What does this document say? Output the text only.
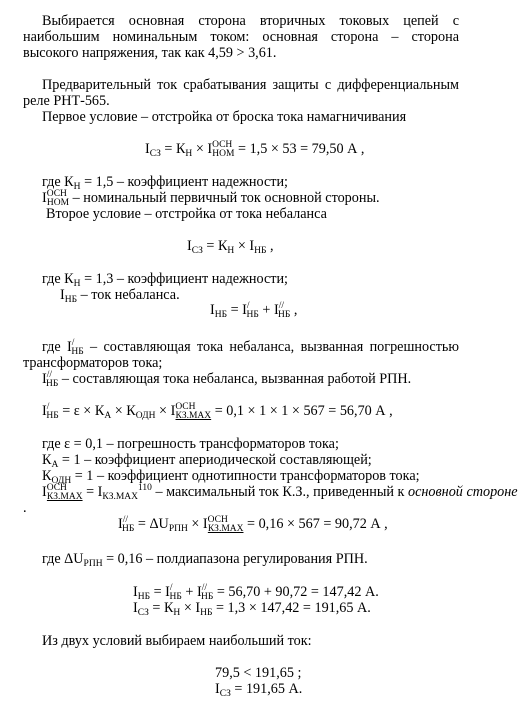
Выбирается основная сторона вторичных токовых цепей с наибольшим номинальным током: основная сторона – сторона высокого напряжения, так как 4,59 > 3,61.
Предварительный ток срабатывания защиты с дифференциальным реле РНТ-565.
Первое условие – отстройка от броска тока намагничивания
$I_{СЗ} = К_Н \times I^{ОСН}_{НОМ} = 1,5 \times 53 = 79,50$ А ,
где $К_Н = 1,5$ – коэффициент надежности;
$I^{ОСН}_{НОМ}$ – номинальный первичный ток основной стороны.
Второе условие – отстройка от тока небаланса
$I_{СЗ} = К_Н \times I_{НБ}$ ,
где $К_Н = 1,3$ – коэффициент надежности;
$I_{НБ}$ – ток небаланса.
$I_{НБ} = I^/_{НБ} + I^{//}_{НБ}$ ,
где $I^/_{НБ}$ – составляющая тока небаланса, вызванная погрешностью трансформаторов тока;
$I^{//}_{НБ}$ – составляющая тока небаланса, вызванная работой РПН.
$I^/_{НБ} = \varepsilon \times К_А \times К_{ОДН} \times I^{ОСН}_{КЗ.МАХ} = 0,1 \times 1 \times 1 \times 567 = 56,70$ А ,
где ε = 0,1 – погрешность трансформаторов тока;
$К_А = 1$ – коэффициент апериодической составляющей;
$К_{ОДН} = 1$ – коэффициент однотипности трансформаторов тока;
$I^{ОСН}_{КЗ.МАХ} = I_{КЗ.МАХ}^{110}$ – максимальный ток К.З., приведенный к основной стороне
.
$I^{//}_{НБ} = \Delta U_{РПН} \times I^{ОСН}_{КЗ.МАХ} = 0,16 \times 567 = 90,72$ А ,
где $\Delta U_{РПН} = 0,16$ – полдиапазона регулирования РПН.
$I_{НБ} = I^/_{НБ} + I^{//}_{НБ} = 56,70 + 90,72 = 147,42$ А.
$I_{СЗ} = К_Н \times I_{НБ} = 1,3 \times 147,42 = 191,65$ А.
Из двух условий выбираем наибольший ток:
79,5 < 191,65 ;
$I_{СЗ} = 191,65$ А.
